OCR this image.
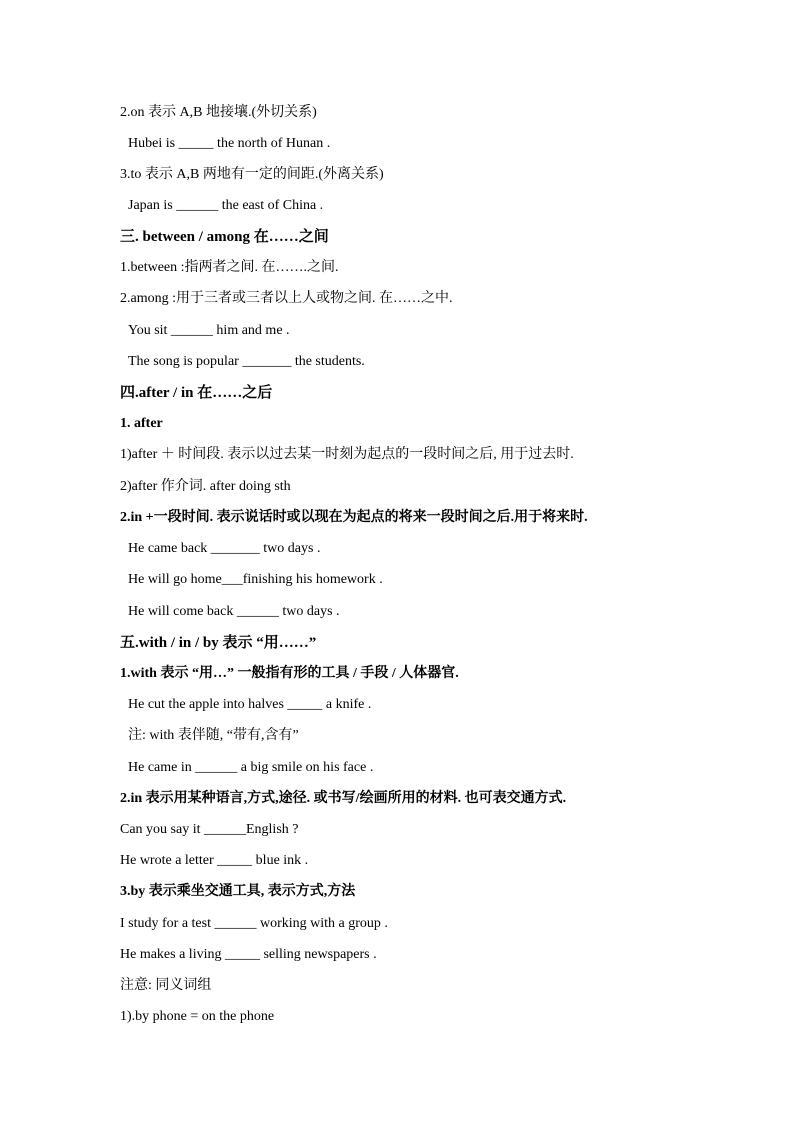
2.on 表示 A,B 地接壤.(外切关系)
Hubei is _____ the north of Hunan .
3.to 表示 A,B 两地有一定的间距.(外离关系)
Japan is ______ the east of China .
三. between / among 在……之间
1.between :指两者之间. 在…….之间.
2.among :用于三者或三者以上人或物之间. 在……之中.
You sit ______ him and me .
The song is popular _______ the students.
四.after / in 在……之后
1. after
1)after ＋ 时间段. 表示以过去某一时刻为起点的一段时间之后, 用于过去时.
2)after 作介词. after doing sth
2.in +一段时间. 表示说话时或以现在为起点的将来一段时间之后.用于将来时.
He came back _______ two days .
He will go home___finishing his homework .
He will come back ______ two days .
五.with / in / by 表示 “用……”
1.with 表示 “用…” 一般指有形的工具 / 手段 / 人体器官.
He cut the apple into halves _____ a knife .
注: with 表伴随, “带有,含有”
He came in ______ a big smile on his face .
2.in 表示用某种语言,方式,途径. 或书写/绘画所用的材料. 也可表交通方式.
Can you say it ______English ?
He wrote a letter _____ blue ink .
3.by 表示乘坐交通工具, 表示方式,方法
I study for a test ______ working with a group .
He makes a living _____ selling newspapers .
注意: 同义词组
1).by phone = on the phone
